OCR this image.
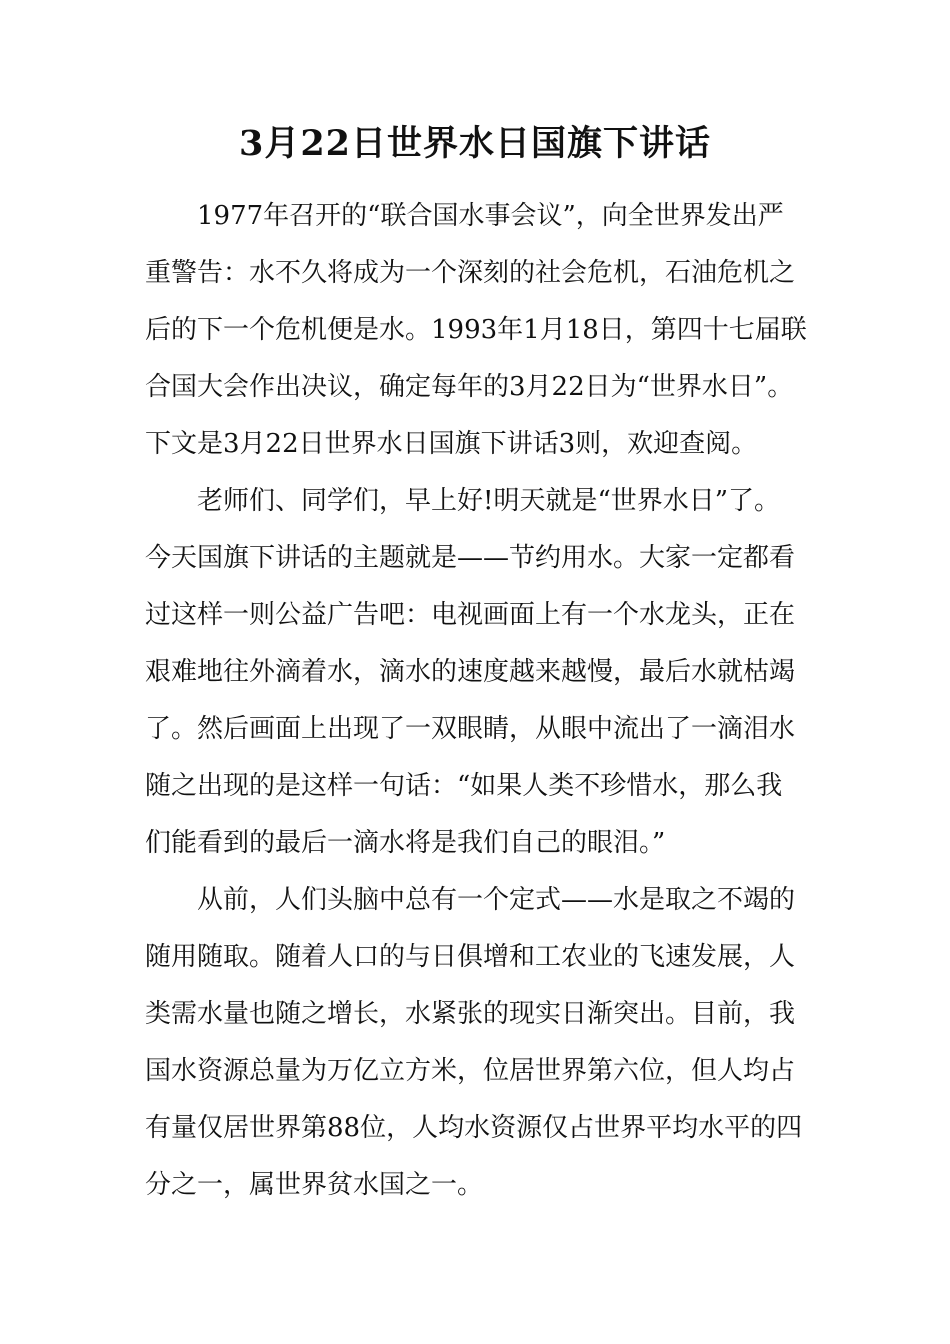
3月22日世界水日国旗下讲话

1977年召开的“联合国水事会议”，向全世界发出严

重警告：水不久将成为一个深刻的社会危机，石油危机之

后的下一个危机便是水。1993年1月18日，第四十七届联

合国大会作出决议，确定每年的3月22日为“世界水日”。

下文是3月22日世界水日国旗下讲话3则，欢迎查阅。

老师们、同学们，早上好!明天就是“世界水日”了。

今天国旗下讲话的主题就是——节约用水。大家一定都看

过这样一则公益广告吧：电视画面上有一个水龙头，正在

艰难地往外滴着水，滴水的速度越来越慢，最后水就枯竭

了。然后画面上出现了一双眼睛，从眼中流出了一滴泪水

随之出现的是这样一句话：“如果人类不珍惜水，那么我

们能看到的最后一滴水将是我们自己的眼泪。”

从前，人们头脑中总有一个定式——水是取之不竭的

随用随取。随着人口的与日俱增和工农业的飞速发展，人

类需水量也随之增长，水紧张的现实日渐突出。目前，我

国水资源总量为万亿立方米，位居世界第六位，但人均占

有量仅居世界第88位，人均水资源仅占世界平均水平的四

分之一，属世界贫水国之一。
